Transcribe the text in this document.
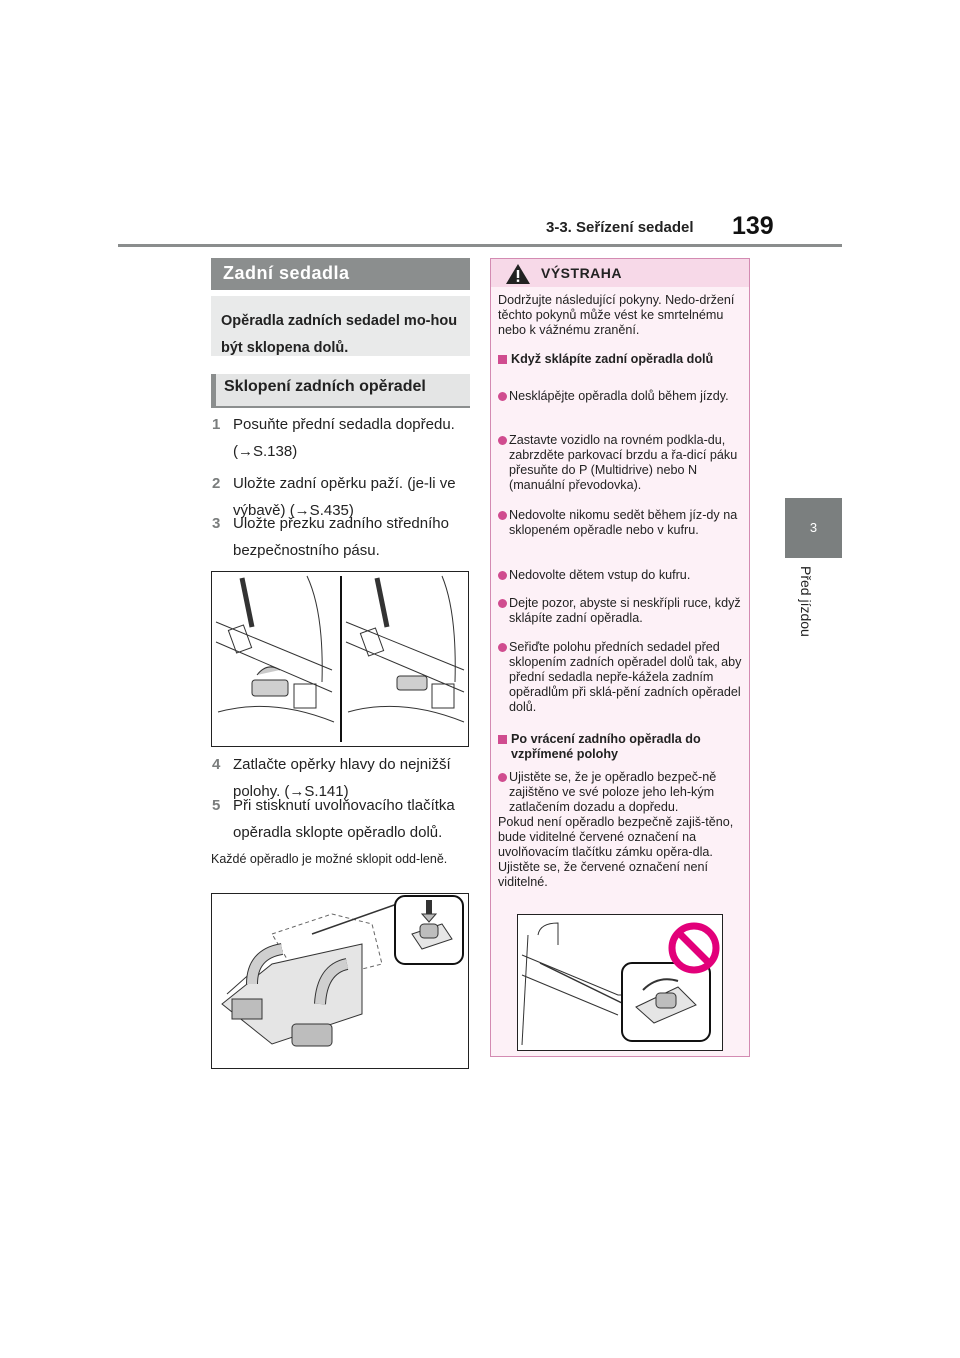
3-3. Seřízení sedadel 139
3
Před jízdou
Zadní sedadla
Opěradla zadních sedadel mo-hou být sklopena dolů.
Sklopení zadních opěradel
1 Posuňte přední sedadla dopředu. (→S.138)
2 Uložte zadní opěrku paží. (je-li ve výbavě) (→S.435)
3 Uložte přezku zadního středního bezpečnostního pásu.
4 Zatlačte opěrky hlavy do nejnižší polohy. (→S.141)
5 Při stisknutí uvolňovacího tlačítka opěradla sklopte opěradlo dolů.
Každé opěradlo je možné sklopit odd-leně.
VÝSTRAHA
Dodržujte následující pokyny. Nedo-držení těchto pokynů může vést ke smrtelnému nebo k vážnému zranění.
Když sklápíte zadní opěradla dolů
Nesklápějte opěradla dolů během jízdy.
Zastavte vozidlo na rovném podkla-du, zabrzděte parkovací brzdu a řa-dicí páku přesuňte do P (Multidrive) nebo N (manuální převodovka).
Nedovolte nikomu sedět během jíz-dy na sklopeném opěradle nebo v kufru.
Nedovolte dětem vstup do kufru.
Dejte pozor, abyste si neskřípli ruce, když sklápíte zadní opěradla.
Seřiďte polohu předních sedadel před sklopením zadních opěradel dolů tak, aby přední sedadla nepře-kážela zadním opěradlům při sklá-pění zadních opěradel dolů.
Po vrácení zadního opěradla do vzpřímené polohy
Ujistěte se, že je opěradlo bezpeč-ně zajištěno ve své poloze jeho leh-kým zatlačením dozadu a dopředu.
Pokud není opěradlo bezpečně zajiš-těno, bude viditelné červené označení na uvolňovacím tlačítku zámku opěra-dla. Ujistěte se, že červené označení není viditelné.
